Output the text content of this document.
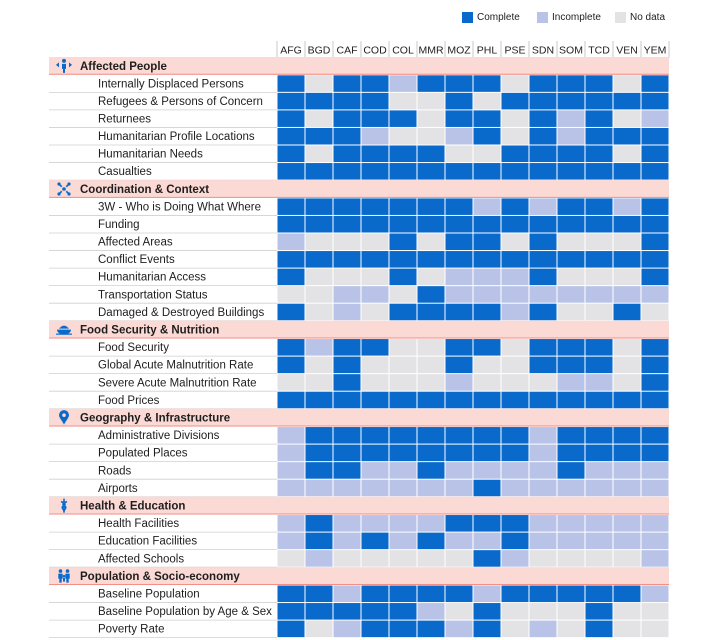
Complete	Incomplete	No data
AFG BGD CAF COD COL MMR MOZ PHL PSE SDN SOM TCD VEN YEM
Affected People
Internally Displaced Persons
Refugees & Persons of Concern
Returnees
Humanitarian Profile Locations
Humanitarian Needs
Casualties
Coordination & Context
3W - Who is Doing What Where
Funding
Affected Areas
Conflict Events
Humanitarian Access
Transportation Status
Damaged & Destroyed Buildings
Food Security & Nutrition
Food Security
Global Acute Malnutrition Rate
Severe Acute Malnutrition Rate
Food Prices
Geography & Infrastructure
Administrative Divisions
Populated Places
Roads
Airports
Health & Education
Health Facilities
Education Facilities
Affected Schools
Population & Socio-economy
Baseline Population
Baseline Population by Age & Sex
Poverty Rate
